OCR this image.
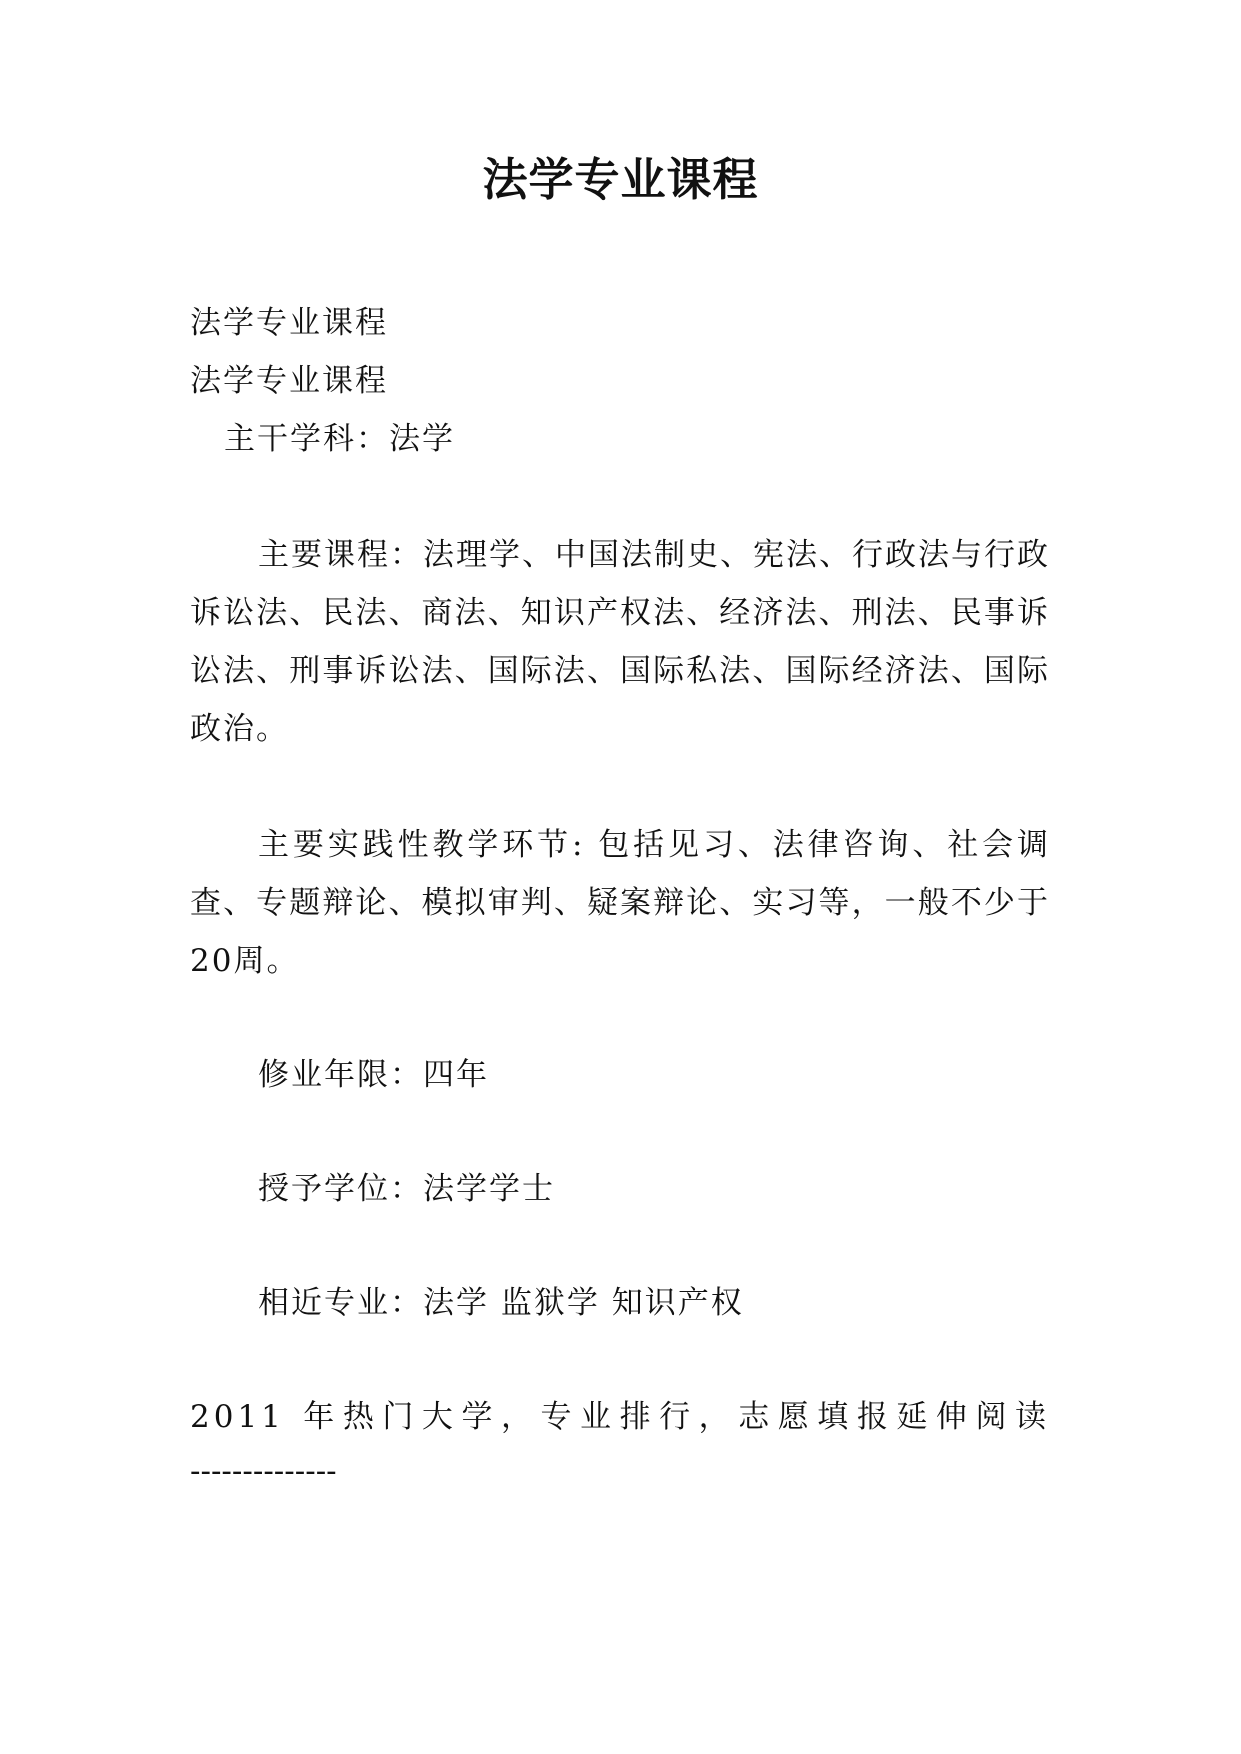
法学专业课程

法学专业课程

法学专业课程

主干学科：法学

主要课程：法理学、中国法制史、宪法、行政法与行政诉讼法、民法、商法、知识产权法、经济法、刑法、民事诉讼法、刑事诉讼法、国际法、国际私法、国际经济法、国际政治。

主要实践性教学环节: 包括见习、法律咨询、社会调查、专题辩论、模拟审判、疑案辩论、实习等，一般不少于20周。

修业年限：四年

授予学位：法学学士

相近专业：法学 监狱学 知识产权

2011 年热门大学，专业排行，志愿填报延伸阅读

--------------
